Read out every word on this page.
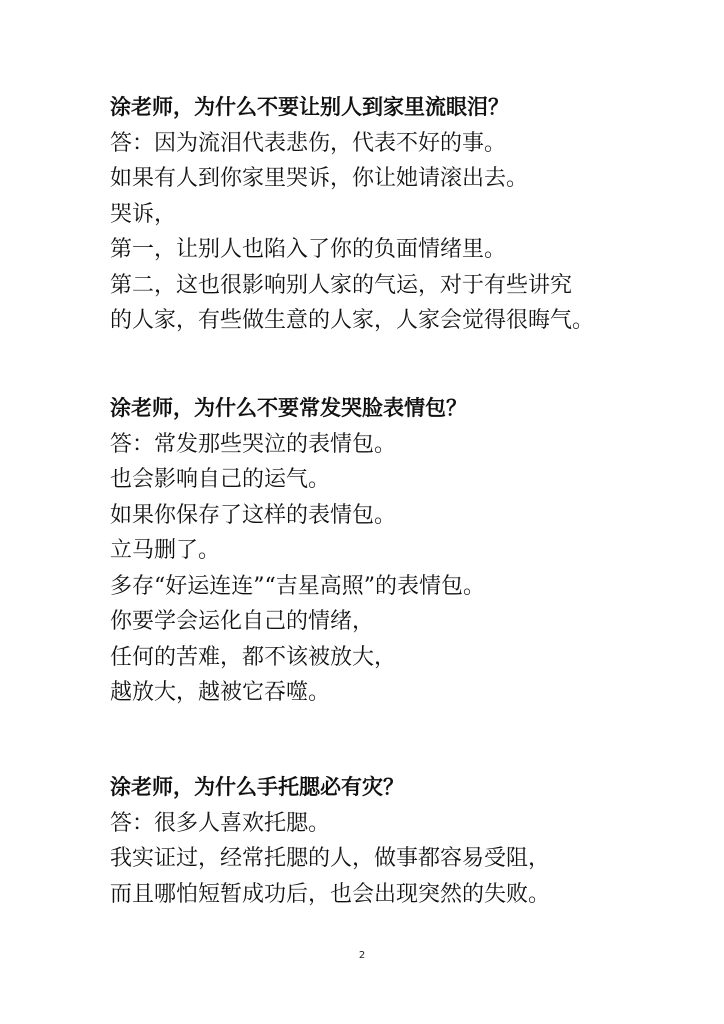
涂老师，为什么不要让别人到家里流眼泪？
答：因为流泪代表悲伤，代表不好的事。
如果有人到你家里哭诉，你让她请滚出去。
哭诉，
第一，让别人也陷入了你的负面情绪里。
第二，这也很影响别人家的气运，对于有些讲究
的人家，有些做生意的人家，人家会觉得很晦气。
涂老师，为什么不要常发哭脸表情包？
答：常发那些哭泣的表情包。
也会影响自己的运气。
如果你保存了这样的表情包。
立马删了。
多存“好运连连”“吉星高照”的表情包。
你要学会运化自己的情绪，
任何的苦难，都不该被放大，
越放大，越被它吞噬。
涂老师，为什么手托腮必有灾？
答：很多人喜欢托腮。
我实证过，经常托腮的人，做事都容易受阻，
而且哪怕短暂成功后，也会出现突然的失败。
2
